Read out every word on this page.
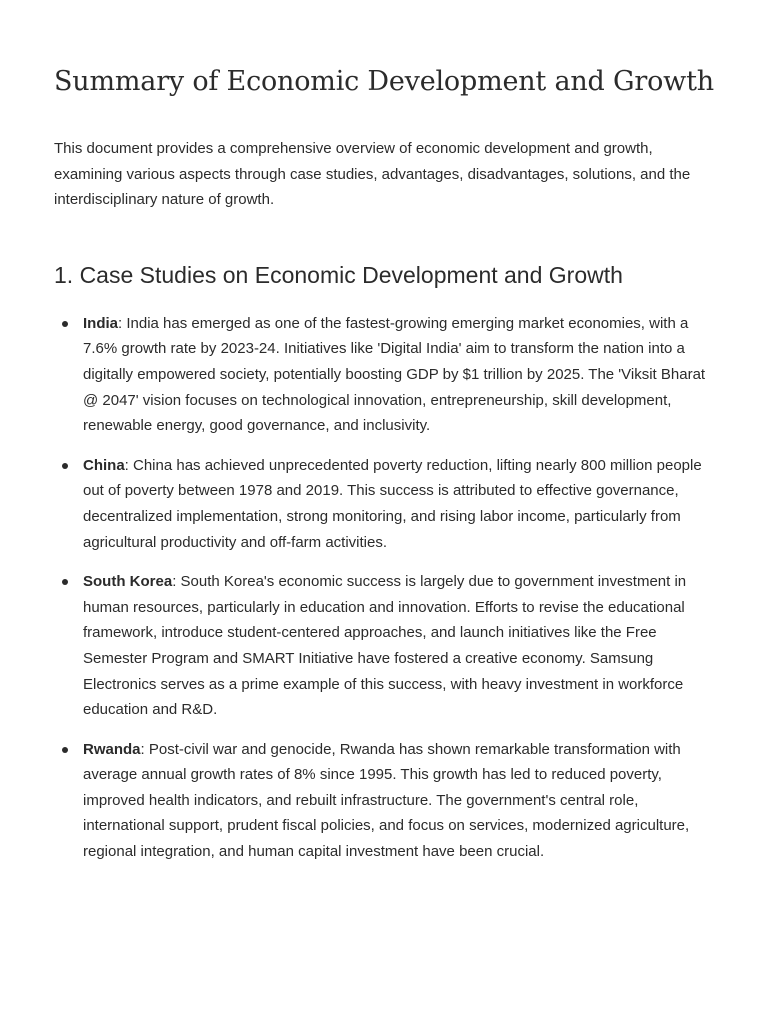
Summary of Economic Development and Growth

This document provides a comprehensive overview of economic development and growth, examining various aspects through case studies, advantages, disadvantages, solutions, and the interdisciplinary nature of growth.

1. Case Studies on Economic Development and Growth
India: India has emerged as one of the fastest-growing emerging market economies, with a 7.6% growth rate by 2023-24. Initiatives like 'Digital India' aim to transform the nation into a digitally empowered society, potentially boosting GDP by $1 trillion by 2025. The 'Viksit Bharat @ 2047' vision focuses on technological innovation, entrepreneurship, skill development, renewable energy, good governance, and inclusivity.
China: China has achieved unprecedented poverty reduction, lifting nearly 800 million people out of poverty between 1978 and 2019. This success is attributed to effective governance, decentralized implementation, strong monitoring, and rising labor income, particularly from agricultural productivity and off-farm activities.
South Korea: South Korea's economic success is largely due to government investment in human resources, particularly in education and innovation. Efforts to revise the educational framework, introduce student-centered approaches, and launch initiatives like the Free Semester Program and SMART Initiative have fostered a creative economy. Samsung Electronics serves as a prime example of this success, with heavy investment in workforce education and R&D.
Rwanda: Post-civil war and genocide, Rwanda has shown remarkable transformation with average annual growth rates of 8% since 1995. This growth has led to reduced poverty, improved health indicators, and rebuilt infrastructure. The government's central role, international support, prudent fiscal policies, and focus on services, modernized agriculture, regional integration, and human capital investment have been crucial.
